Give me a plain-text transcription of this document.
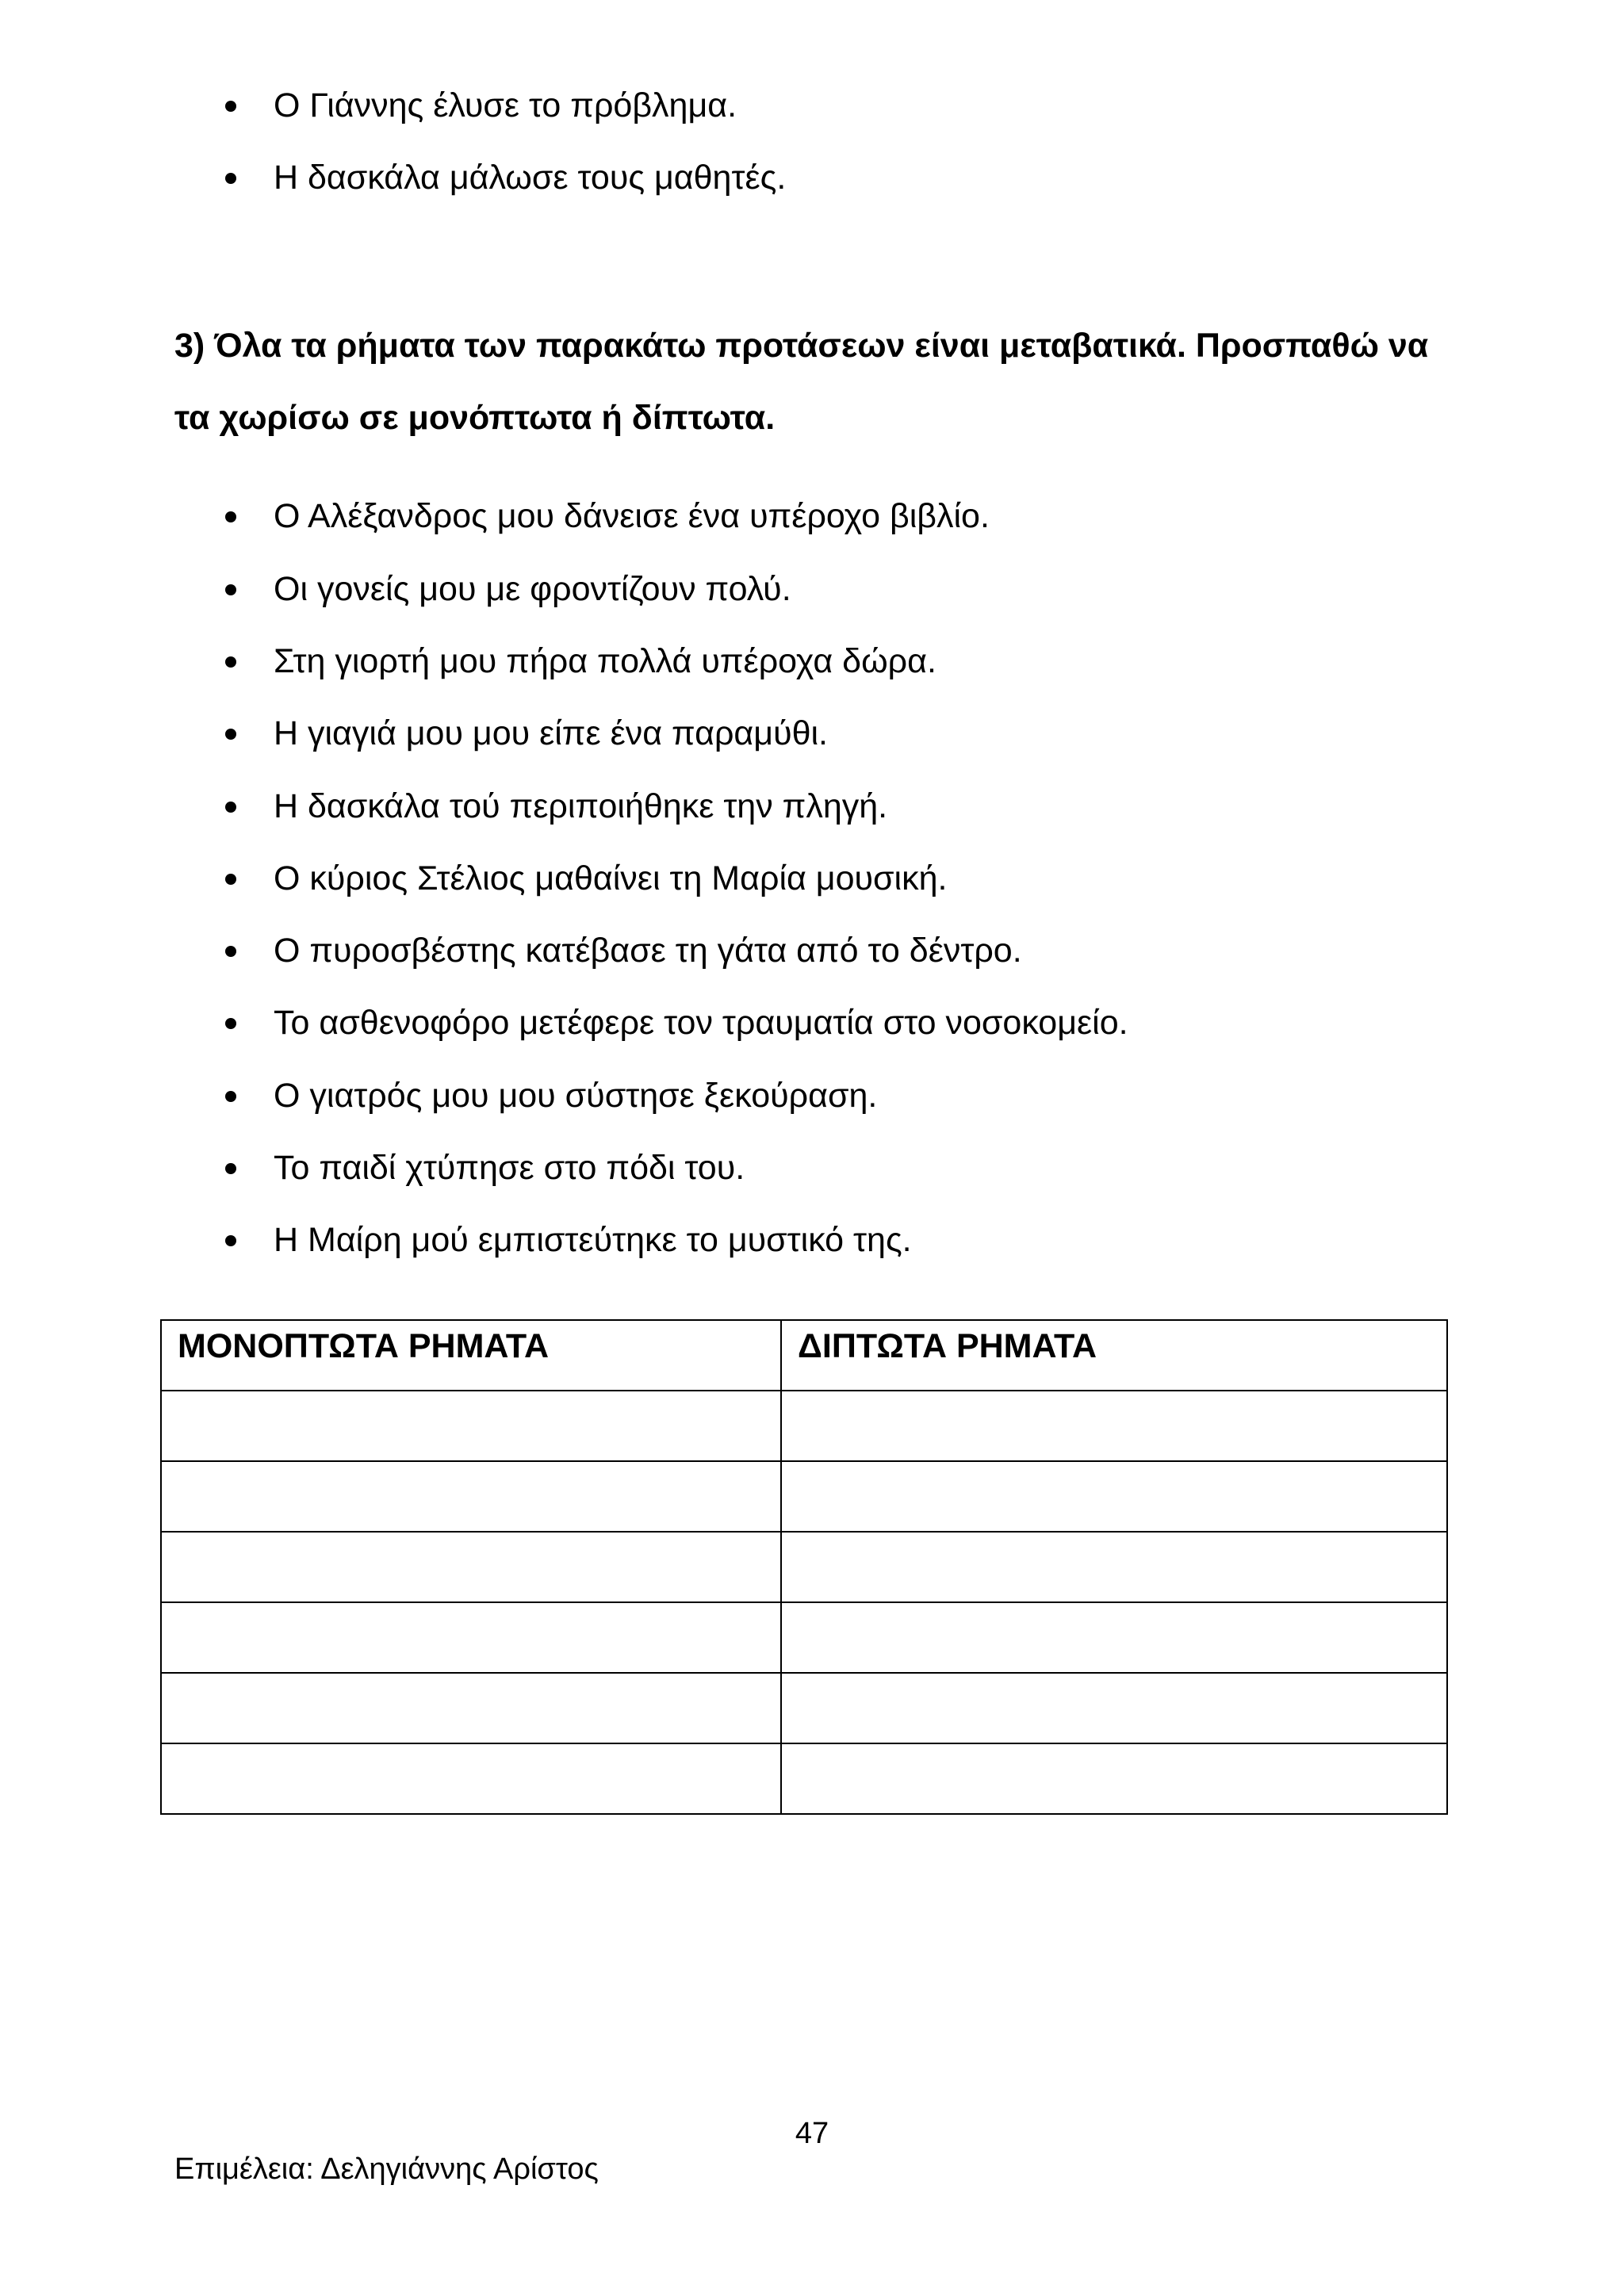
Ο Γιάννης έλυσε το πρόβλημα.
Η δασκάλα μάλωσε τους μαθητές.
3) Όλα τα ρήματα των παρακάτω προτάσεων είναι μεταβατικά. Προσπαθώ να
τα χωρίσω σε μονόπτωτα ή δίπτωτα.
Ο Αλέξανδρος μου δάνεισε ένα υπέροχο βιβλίο.
Οι γονείς μου με φροντίζουν πολύ.
Στη γιορτή μου πήρα πολλά υπέροχα δώρα.
Η γιαγιά μου μου είπε ένα παραμύθι.
Η δασκάλα τού περιποιήθηκε την πληγή.
Ο κύριος Στέλιος μαθαίνει τη Μαρία μουσική.
Ο πυροσβέστης κατέβασε τη γάτα από το δέντρο.
Το ασθενοφόρο μετέφερε τον τραυματία στο νοσοκομείο.
Ο γιατρός μου μου σύστησε ξεκούραση.
Το παιδί χτύπησε στο πόδι του.
Η Μαίρη μού εμπιστεύτηκε το μυστικό της.
ΜΟΝΟΠΤΩΤΑ ΡΗΜΑΤΑ	ΔΙΠΤΩΤΑ ΡΗΜΑΤΑ

47
Επιμέλεια: Δεληγιάννης Αρίστος
